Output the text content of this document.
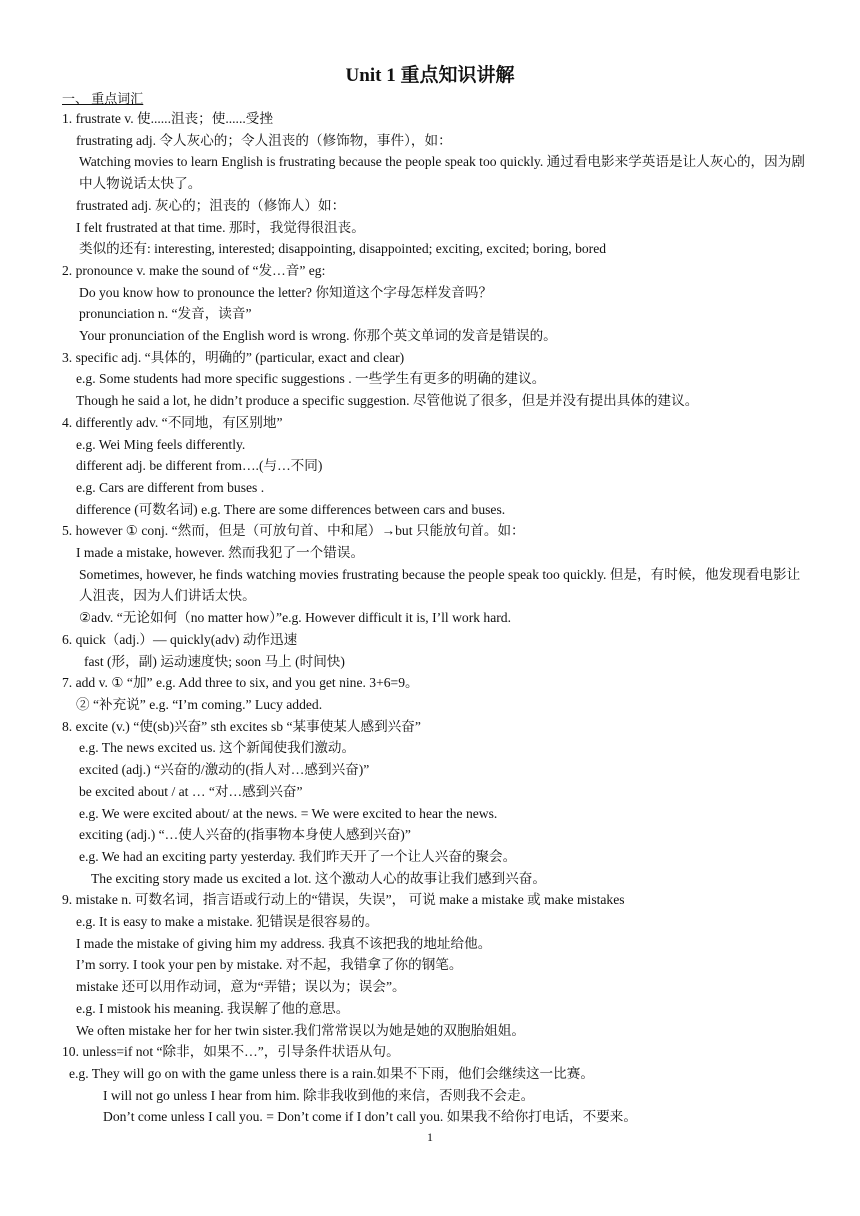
Unit 1 重点知识讲解

一、 重点词汇

1. frustrate v. 使......沮丧；使......受挫

frustrating adj. 令人灰心的；令人沮丧的（修饰物，事件），如：

Watching movies to learn English is frustrating because the people speak too quickly. 通过看电影来学英语是让人灰心的，因为剧中人物说话太快了。

frustrated adj. 灰心的；沮丧的（修饰人）如：

I felt frustrated at that time. 那时，我觉得很沮丧。

类似的还有: interesting, interested; disappointing, disappointed; exciting, excited; boring, bored

2. pronounce v. make the sound of “发…音” eg:

Do you know how to pronounce the letter? 你知道这个字母怎样发音吗？

pronunciation n. “发音，读音”

Your pronunciation of the English word is wrong. 你那个英文单词的发音是错误的。

3. specific adj. “具体的，明确的” (particular, exact and clear)

e.g. Some students had more specific suggestions . 一些学生有更多的明确的建议。

Though he said a lot, he didn’t produce a specific suggestion. 尽管他说了很多，但是并没有提出具体的建议。

4. differently adv. “不同地，有区别地”

e.g. Wei Ming feels differently.

different adj. be different from….(与…不同)

e.g. Cars are different from buses .

difference (可数名词) e.g. There are some differences between cars and buses.

5. however ① conj. “然而，但是（可放句首、中和尾）→but 只能放句首。如：

I made a mistake, however. 然而我犯了一个错误。

Sometimes, however, he finds watching movies frustrating because the people speak too quickly. 但是，有时候，他发现看电影让人沮丧，因为人们讲话太快。

②adv. “无论如何（no matter how）”e.g. However difficult it is, I’ll work hard.

6. quick（adj.）— quickly(adv) 动作迅速

fast (形，副) 运动速度快; soon 马上 (时间快)

7. add v. ① “加” e.g. Add three to six, and you get nine. 3+6=9。

② “补充说” e.g. “I’m coming.” Lucy added.

8. excite (v.) “使(sb)兴奋” sth excites sb “某事使某人感到兴奋”

e.g. The news excited us. 这个新闻使我们激动。

excited (adj.) “兴奋的/激动的(指人对…感到兴奋)”

be excited about / at … “对…感到兴奋”

e.g. We were excited about/ at the news. = We were excited to hear the news.

exciting (adj.) “…使人兴奋的(指事物本身使人感到兴奋)”

e.g. We had an exciting party yesterday. 我们昨天开了一个让人兴奋的聚会。

The exciting story made us excited a lot. 这个激动人心的故事让我们感到兴奋。

9. mistake n. 可数名词，指言语或行动上的“错误，失误”， 可说 make a mistake 或 make mistakes

e.g. It is easy to make a mistake. 犯错误是很容易的。

I made the mistake of giving him my address. 我真不该把我的地址给他。

I’m sorry. I took your pen by mistake. 对不起，我错拿了你的钢笔。

mistake 还可以用作动词，意为“弄错；误以为；误会”。

e.g. I mistook his meaning. 我误解了他的意思。

We often mistake her for her twin sister.我们常常误以为她是她的双胞胎姐姐。

10. unless=if not “除非，如果不…”，引导条件状语从句。

e.g. They will go on with the game unless there is a rain.如果不下雨，他们会继续这一比赛。

I will not go unless I hear from him. 除非我收到他的来信，否则我不会走。

Don’t come unless I call you. = Don’t come if I don’t call you. 如果我不给你打电话，不要来。

1
